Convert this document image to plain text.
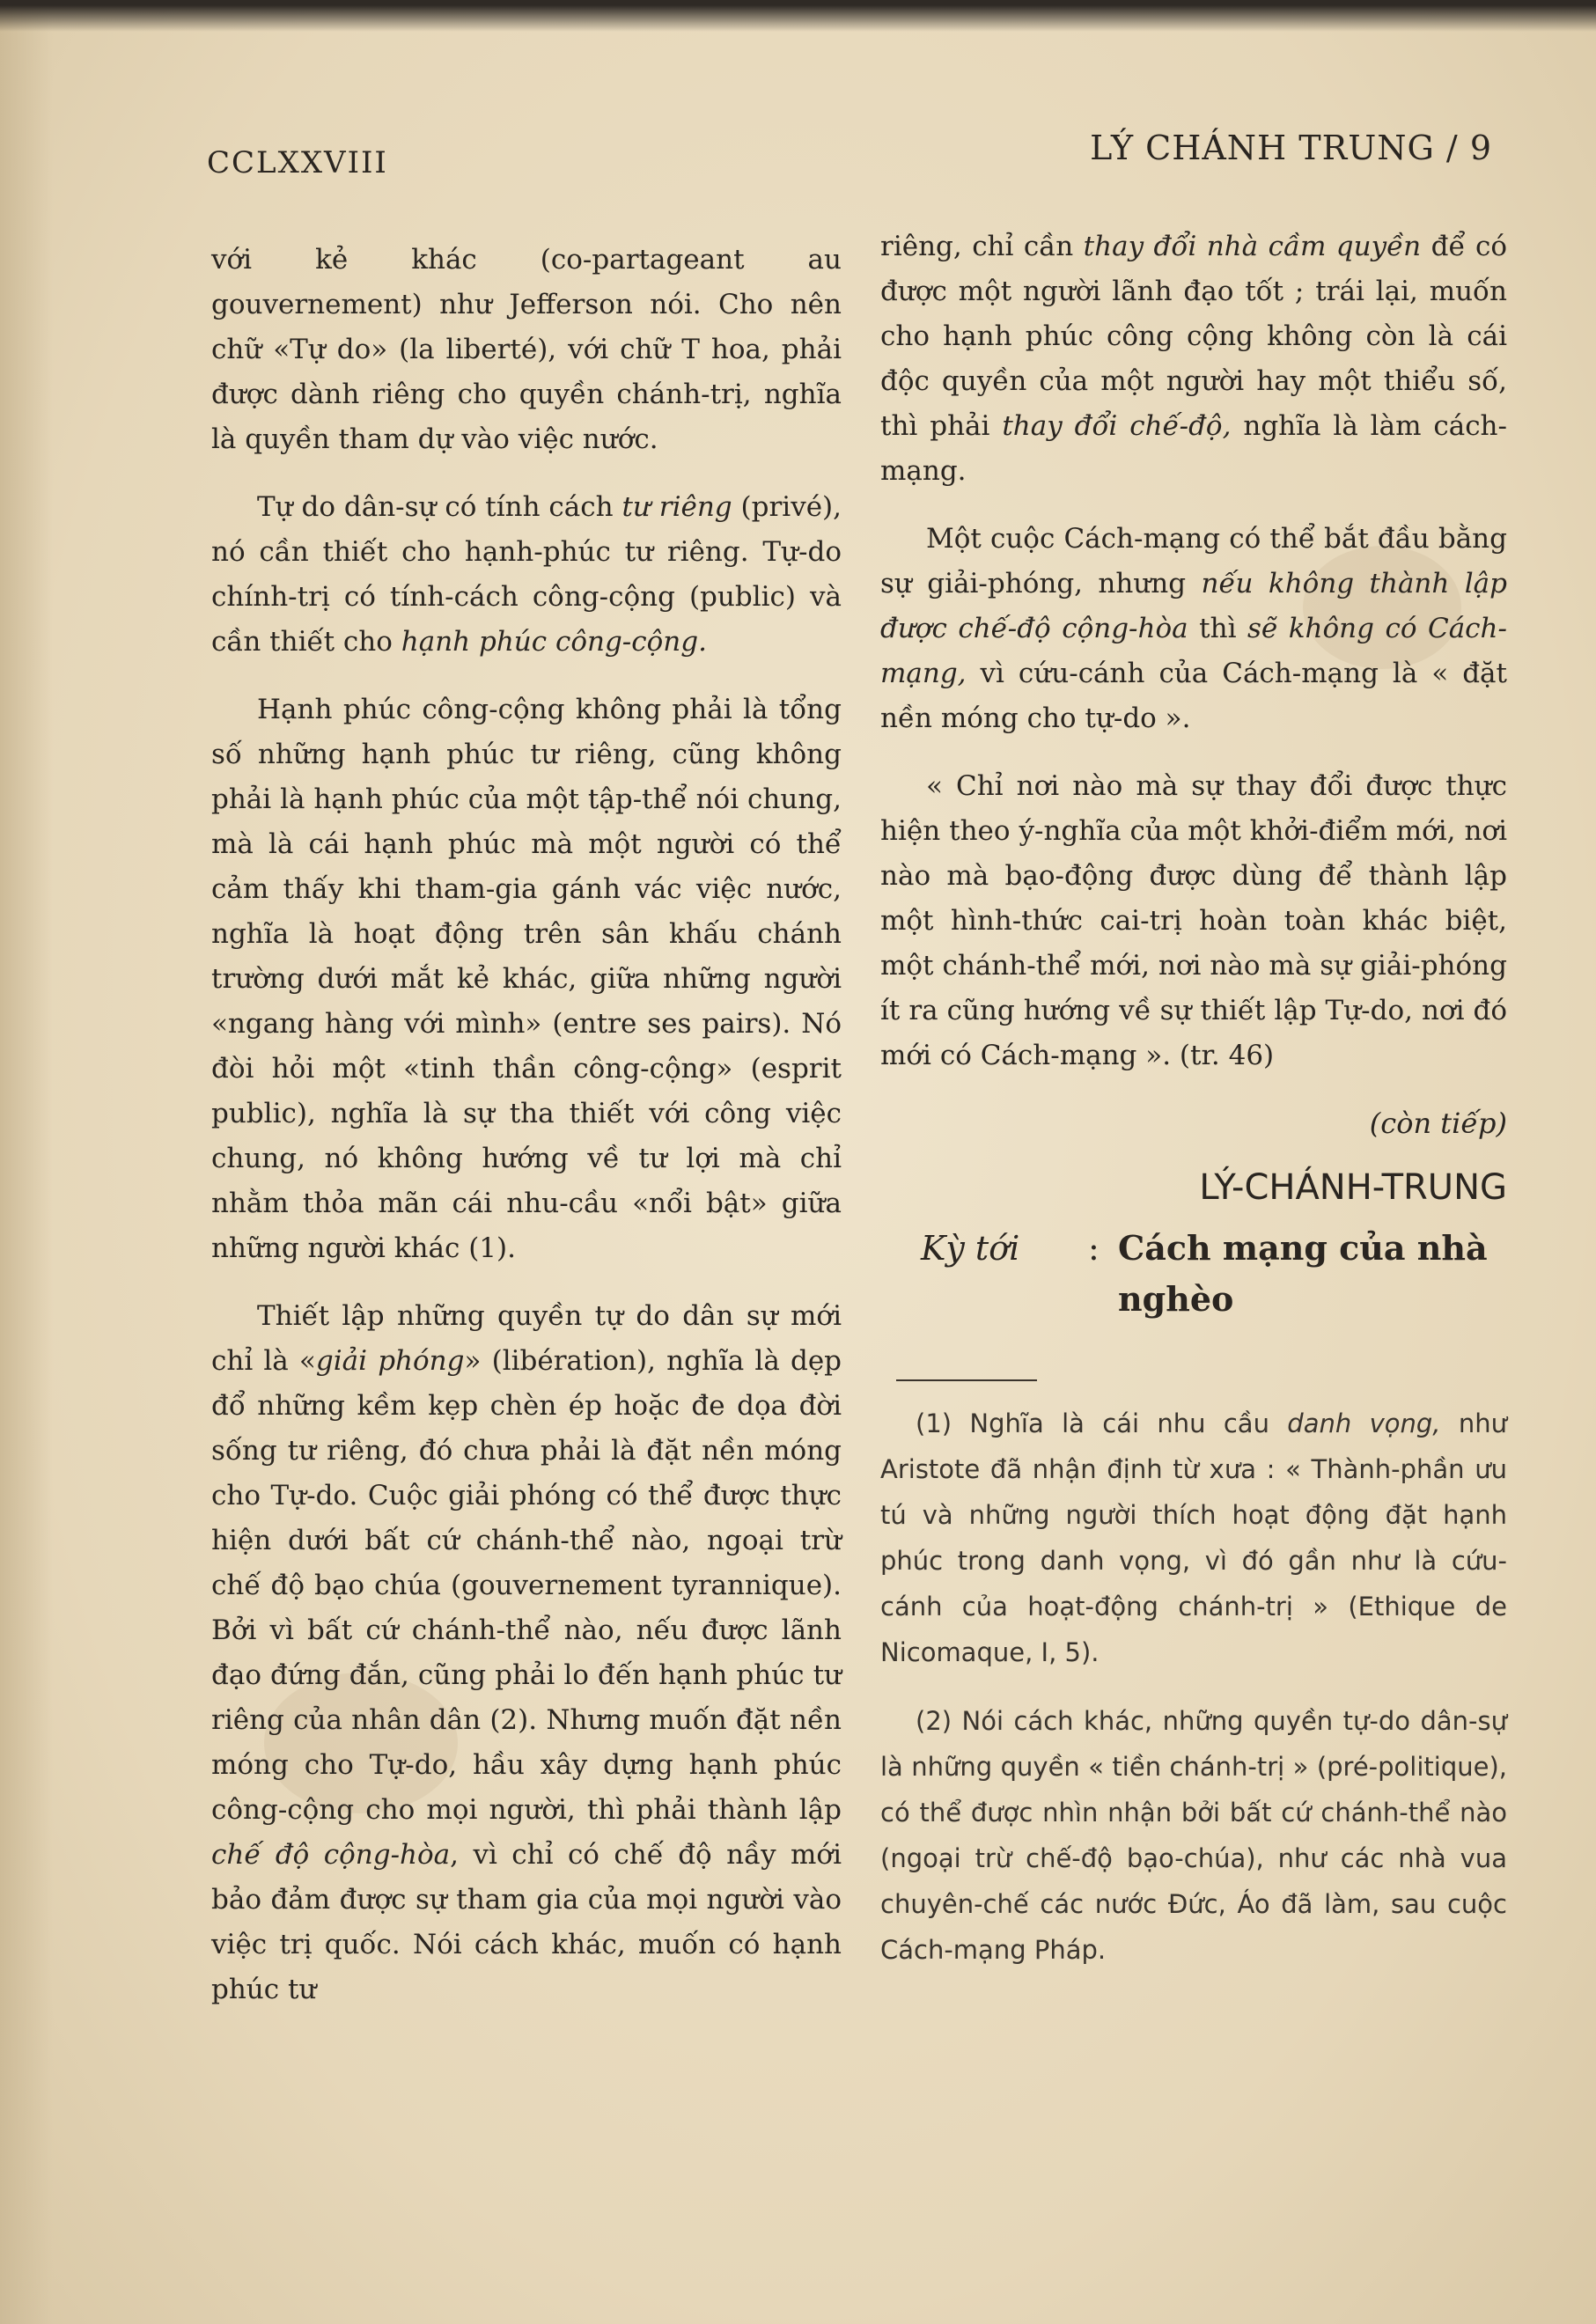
CCLXXVIII	LÝ CHÁNH TRUNG / 9

với kẻ khác (co-partageant au gouvernement) như Jefferson nói. Cho nên chữ «Tự do» (la liberté), với chữ T hoa, phải được dành riêng cho quyền chánh-trị, nghĩa là quyền tham dự vào việc nước.

Tự do dân-sự có tính cách tư riêng (privé), nó cần thiết cho hạnh-phúc tư riêng. Tự-do chính-trị có tính-cách công-cộng (public) và cần thiết cho hạnh phúc công-cộng.

Hạnh phúc công-cộng không phải là tổng số những hạnh phúc tư riêng, cũng không phải là hạnh phúc của một tập-thể nói chung, mà là cái hạnh phúc mà một người có thể cảm thấy khi tham-gia gánh vác việc nước, nghĩa là hoạt động trên sân khấu chánh trường dưới mắt kẻ khác, giữa những người «ngang hàng với mình» (entre ses pairs). Nó đòi hỏi một «tinh thần công-cộng» (esprit public), nghĩa là sự tha thiết với công việc chung, nó không hướng về tư lợi mà chỉ nhằm thỏa mãn cái nhu-cầu «nổi bật» giữa những người khác (1).

Thiết lập những quyền tự do dân sự mới chỉ là «giải phóng» (libération), nghĩa là dẹp đổ những kềm kẹp chèn ép hoặc đe dọa đời sống tư riêng, đó chưa phải là đặt nền móng cho Tự-do. Cuộc giải phóng có thể được thực hiện dưới bất cứ chánh-thể nào, ngoại trừ chế độ bạo chúa (gouvernement tyrannique). Bởi vì bất cứ chánh-thể nào, nếu được lãnh đạo đứng đắn, cũng phải lo đến hạnh phúc tư riêng của nhân dân (2). Nhưng muốn đặt nền móng cho Tự-do, hầu xây dựng hạnh phúc công-cộng cho mọi người, thì phải thành lập chế độ cộng-hòa, vì chỉ có chế độ nầy mới bảo đảm được sự tham gia của mọi người vào việc trị quốc. Nói cách khác, muốn có hạnh phúc tư

riêng, chỉ cần thay đổi nhà cầm quyền để có được một người lãnh đạo tốt ; trái lại, muốn cho hạnh phúc công cộng không còn là cái độc quyền của một người hay một thiểu số, thì phải thay đổi chế-độ, nghĩa là làm cách-mạng.

Một cuộc Cách-mạng có thể bắt đầu bằng sự giải-phóng, nhưng nếu không thành lập được chế-độ cộng-hòa thì sẽ không có Cách-mạng, vì cứu-cánh của Cách-mạng là « đặt nền móng cho tự-do ».

« Chỉ nơi nào mà sự thay đổi được thực hiện theo ý-nghĩa của một khởi-điểm mới, nơi nào mà bạo-động được dùng để thành lập một hình-thức cai-trị hoàn toàn khác biệt, một chánh-thể mới, nơi nào mà sự giải-phóng ít ra cũng hướng về sự thiết lập Tự-do, nơi đó mới có Cách-mạng ». (tr. 46)

(còn tiếp)
LÝ-CHÁNH-TRUNG
Kỳ tới	: Cách mạng của nhà nghèo

(1) Nghĩa là cái nhu cầu danh vọng, như Aristote đã nhận định từ xưa : « Thành-phần ưu tú và những người thích hoạt động đặt hạnh phúc trong danh vọng, vì đó gần như là cứu-cánh của hoạt-động chánh-trị » (Ethique de Nicomaque, I, 5).

(2) Nói cách khác, những quyền tự-do dân-sự là những quyền « tiền chánh-trị » (pré-politique), có thể được nhìn nhận bởi bất cứ chánh-thể nào (ngoại trừ chế-độ bạo-chúa), như các nhà vua chuyên-chế các nước Đức, Áo đã làm, sau cuộc Cách-mạng Pháp.
